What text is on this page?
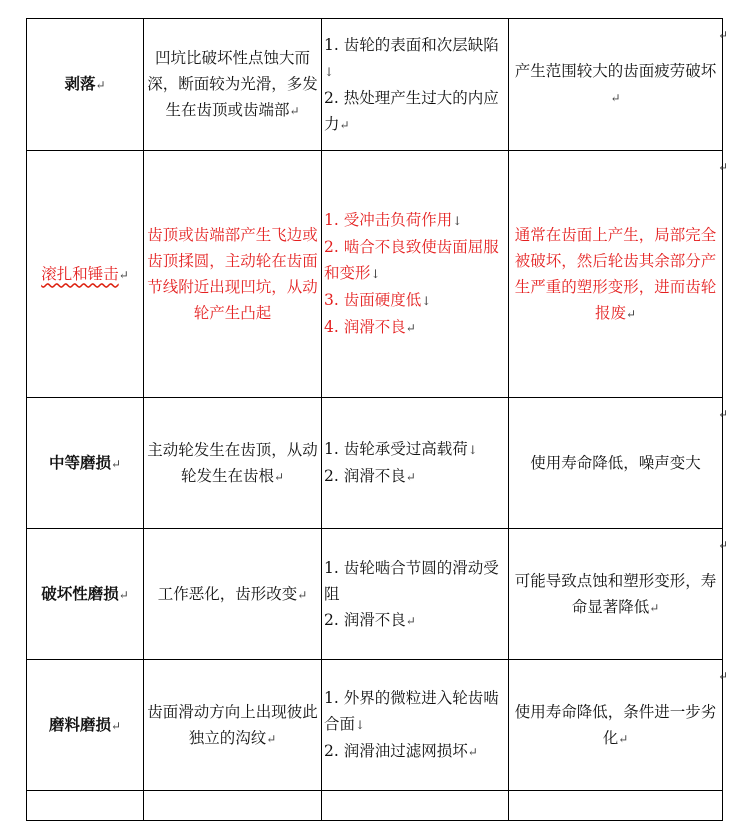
剥落↵	凹坑比破坏性点蚀大而深，断面较为光滑，多发生在齿顶或齿端部↵	1. 齿轮的表面和次层缺陷↓
2. 热处理产生过大的内应力↵	产生范围较大的齿面疲劳破坏↵
滚扎和锤击↵	齿顶或齿端部产生飞边或齿顶揉圆，主动轮在齿面节线附近出现凹坑，从动轮产生凸起	1. 受冲击负荷作用↓
2. 啮合不良致使齿面屈服和变形↓
3. 齿面硬度低↓
4. 润滑不良↵	通常在齿面上产生，局部完全被破坏，然后轮齿其余部分产生严重的塑形变形，进而齿轮报废↵
中等磨损↵	主动轮发生在齿顶，从动轮发生在齿根↵	1. 齿轮承受过高载荷↓
2. 润滑不良↵	使用寿命降低，噪声变大
破坏性磨损↵	工作恶化，齿形改变↵	1. 齿轮啮合节圆的滑动受阻
2. 润滑不良↵	可能导致点蚀和塑形变形，寿命显著降低↵
磨料磨损↵	齿面滑动方向上出现彼此独立的沟纹↵	1. 外界的微粒进入轮齿啮合面↓
2. 润滑油过滤网损坏↵	使用寿命降低，条件进一步劣化↵

↵
↵
↵
↵
↵
